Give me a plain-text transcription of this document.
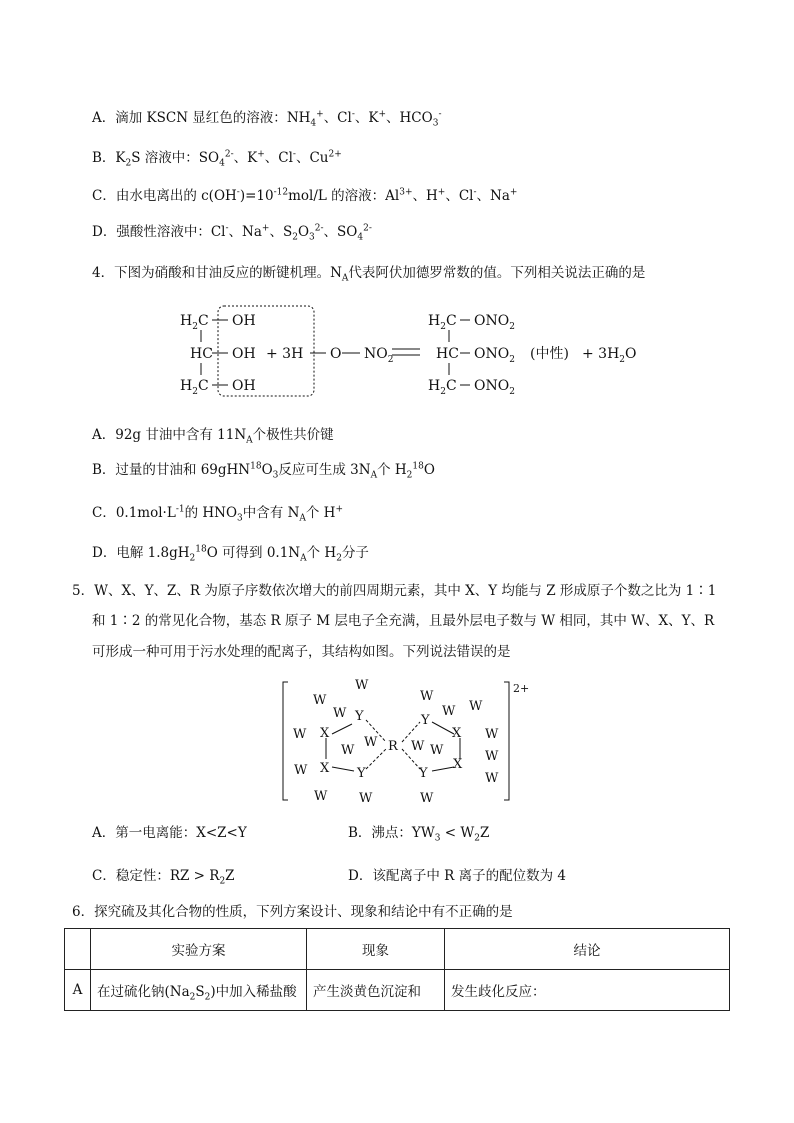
A．滴加 KSCN 显红色的溶液：$NH_4^+$、Cl-、K+、$HCO_3^-$
B．$K_2S$ 溶液中：$SO_4^{2-}$、K+、Cl-、$Cu^{2+}$
C．由水电离出的 $c(OH^-)=10^{-12}mol/L$ 的溶液：$Al^{3+}$、H+、Cl-、Na+
D．强酸性溶液中：Cl-、Na+、$S_2O_3^{2-}$、$SO_4^{2-}$
4．下图为硝酸和甘油反应的断键机理。$N_A$代表阿伏加德罗常数的值。下列相关说法正确的是
$H_2C$ OH
HC OH
$H_2C$ OH
+ 3H O $NO_2$
$H_2C$ $ONO_2$
HC $ONO_2$
$H_2C$ $ONO_2$
(中性) + $3H_2O$
A．92g 甘油中含有 $11N_A$个极性共价键
B．过量的甘油和 $69gHN^{18}O_3$反应可生成 $3N_A$个 $H_2^{18}O$
C．$0.1mol\cdot L^{-1}$的 $HNO_3$中含有 $N_A$个 H+
D．电解 $1.8gH_2^{18}O$ 可得到 $0.1N_A$个 $H_2$分子
5．W、X、Y、Z、R 为原子序数依次增大的前四周期元素，其中 X、Y 均能与 Z 形成原子个数之比为 1∶1
和 1∶2 的常见化合物，基态 R 原子 M 层电子全充满，且最外层电子数与 W 相同，其中 W、X、Y、R
可形成一种可用于污水处理的配离子，其结构如图。下列说法错误的是
2+
W
Y
W
Y
W
X
W
W
W
W	R W W
X
W
W
W
X
W
W
Y
W
Y
W
X
W
W
A．第一电离能：X<Z<Y	B．沸点：$YW_3 < W_2Z$
C．稳定性：RZ > $R_2Z$	D．该配离子中 R 离子的配位数为 4
6．探究硫及其化合物的性质，下列方案设计、现象和结论中有不正确的是
	实验方案	现象	结论
A	在过硫化钠$(Na_2S_2)$中加入稀盐酸	产生淡黄色沉淀和	发生歧化反应：
